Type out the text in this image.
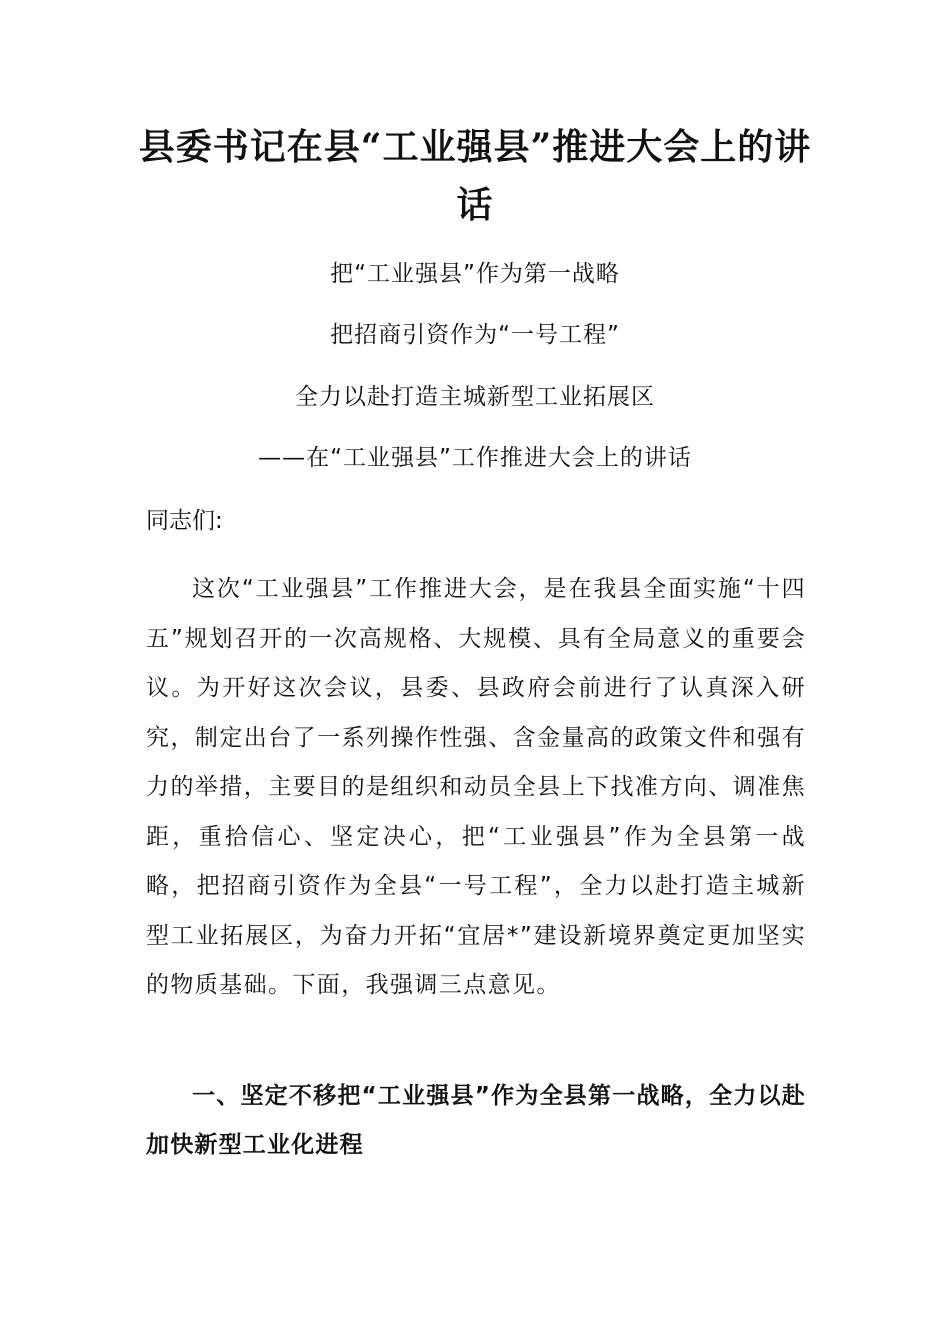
县委书记在县“工业强县”推进大会上的讲话

把“工业强县”作为第一战略

把招商引资作为“一号工程”

全力以赴打造主城新型工业拓展区

——在“工业强县”工作推进大会上的讲话

同志们:

这次“工业强县”工作推进大会，是在我县全面实施“十四五”规划召开的一次高规格、大规模、具有全局意义的重要会议。为开好这次会议，县委、县政府会前进行了认真深入研究，制定出台了一系列操作性强、含金量高的政策文件和强有力的举措，主要目的是组织和动员全县上下找准方向、调准焦距，重拾信心、坚定决心，把“工业强县”作为全县第一战略，把招商引资作为全县“一号工程”，全力以赴打造主城新型工业拓展区，为奋力开拓“宜居*”建设新境界奠定更加坚实的物质基础。下面，我强调三点意见。

一、坚定不移把“工业强县”作为全县第一战略，全力以赴加快新型工业化进程
